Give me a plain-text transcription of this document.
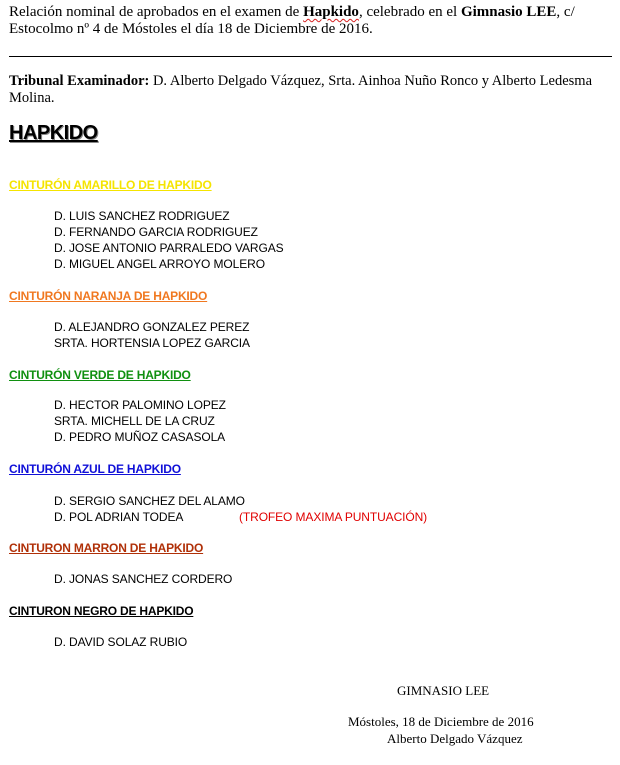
Relación nominal de aprobados en el examen de Hapkido, celebrado en el Gimnasio LEE, c/ Estocolmo nº 4 de Móstoles el día 18 de Diciembre de 2016.
Tribunal Examinador: D. Alberto Delgado Vázquez, Srta. Ainhoa Nuño Ronco y Alberto Ledesma Molina.
HAPKIDO
CINTURÓN AMARILLO DE HAPKIDO
D. LUIS SANCHEZ RODRIGUEZ
D. FERNANDO GARCIA RODRIGUEZ
D. JOSE ANTONIO PARRALEDO VARGAS
D. MIGUEL ANGEL ARROYO MOLERO
CINTURÓN NARANJA DE HAPKIDO
D. ALEJANDRO GONZALEZ PEREZ
SRTA. HORTENSIA LOPEZ GARCIA
CINTURÓN VERDE DE HAPKIDO
D. HECTOR PALOMINO LOPEZ
SRTA. MICHELL DE LA CRUZ
D. PEDRO MUÑOZ CASASOLA
CINTURÓN AZUL DE HAPKIDO
D. SERGIO SANCHEZ DEL ALAMO
D. POL ADRIAN TODEA	(TROFEO MAXIMA PUNTUACIÓN)
CINTURON MARRON DE HAPKIDO
D. JONAS SANCHEZ CORDERO
CINTURON NEGRO DE HAPKIDO
D. DAVID SOLAZ RUBIO
GIMNASIO LEE
Móstoles, 18 de Diciembre de 2016
Alberto Delgado Vázquez
